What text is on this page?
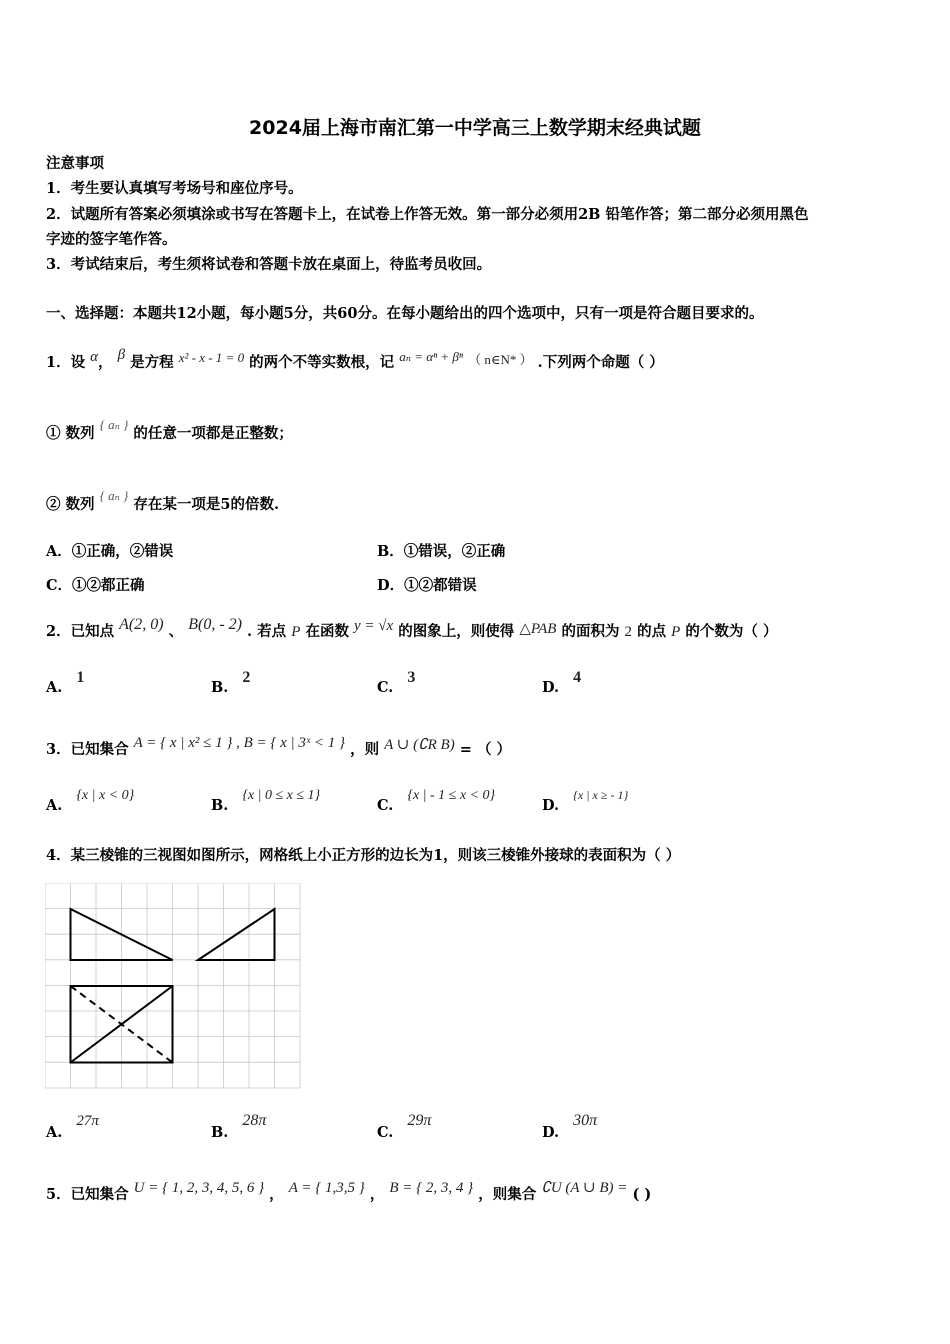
2024届上海市南汇第一中学高三上数学期末经典试题
注意事项
1．考生要认真填写考场号和座位序号。
2．试题所有答案必须填涂或书写在答题卡上，在试卷上作答无效。第一部分必须用2B 铅笔作答；第二部分必须用黑色
字迹的签字笔作答。
3．考试结束后，考生须将试卷和答题卡放在桌面上，待监考员收回。
一、选择题：本题共12小题，每小题5分，共60分。在每小题给出的四个选项中，只有一项是符合题目要求的。
1．设 α， β 是方程 x² - x - 1 = 0 的两个不等实数根，记 aₙ = αⁿ + βⁿ （ n∈N* ） .下列两个命题（ ）
① 数列 { aₙ } 的任意一项都是正整数；
② 数列 { aₙ } 存在某一项是5的倍数.
A．①正确，②错误	B．①错误，②正确
C．①②都正确	D．①②都错误
2．已知点 A(2, 0) 、 B(0, - 2) . 若点 P 在函数 y = √x 的图象上，则使得 △PAB 的面积为 2 的点 P 的个数为（ ）
A.1
B.2
C.3
D.4
3．已知集合 A = { x | x² ≤ 1 } , B = { x | 3ˣ < 1 } ，则 A ∪ (∁R B) = （ ）
A.{x | x < 0}
B.{x | 0 ≤ x ≤ 1}
C.{x | - 1 ≤ x < 0}
D.$^{\{x | x \ge - 1\}}$
4．某三棱锥的三视图如图所示，网格纸上小正方形的边长为1，则该三棱锥外接球的表面积为（ ）
A.27π
B.28π
C.29π
D.30π
5．已知集合 U = { 1, 2, 3, 4, 5, 6 } ， A = { 1,3,5 } ， B = { 2, 3, 4 } ，则集合 ∁U (A ∪ B) = ( )
